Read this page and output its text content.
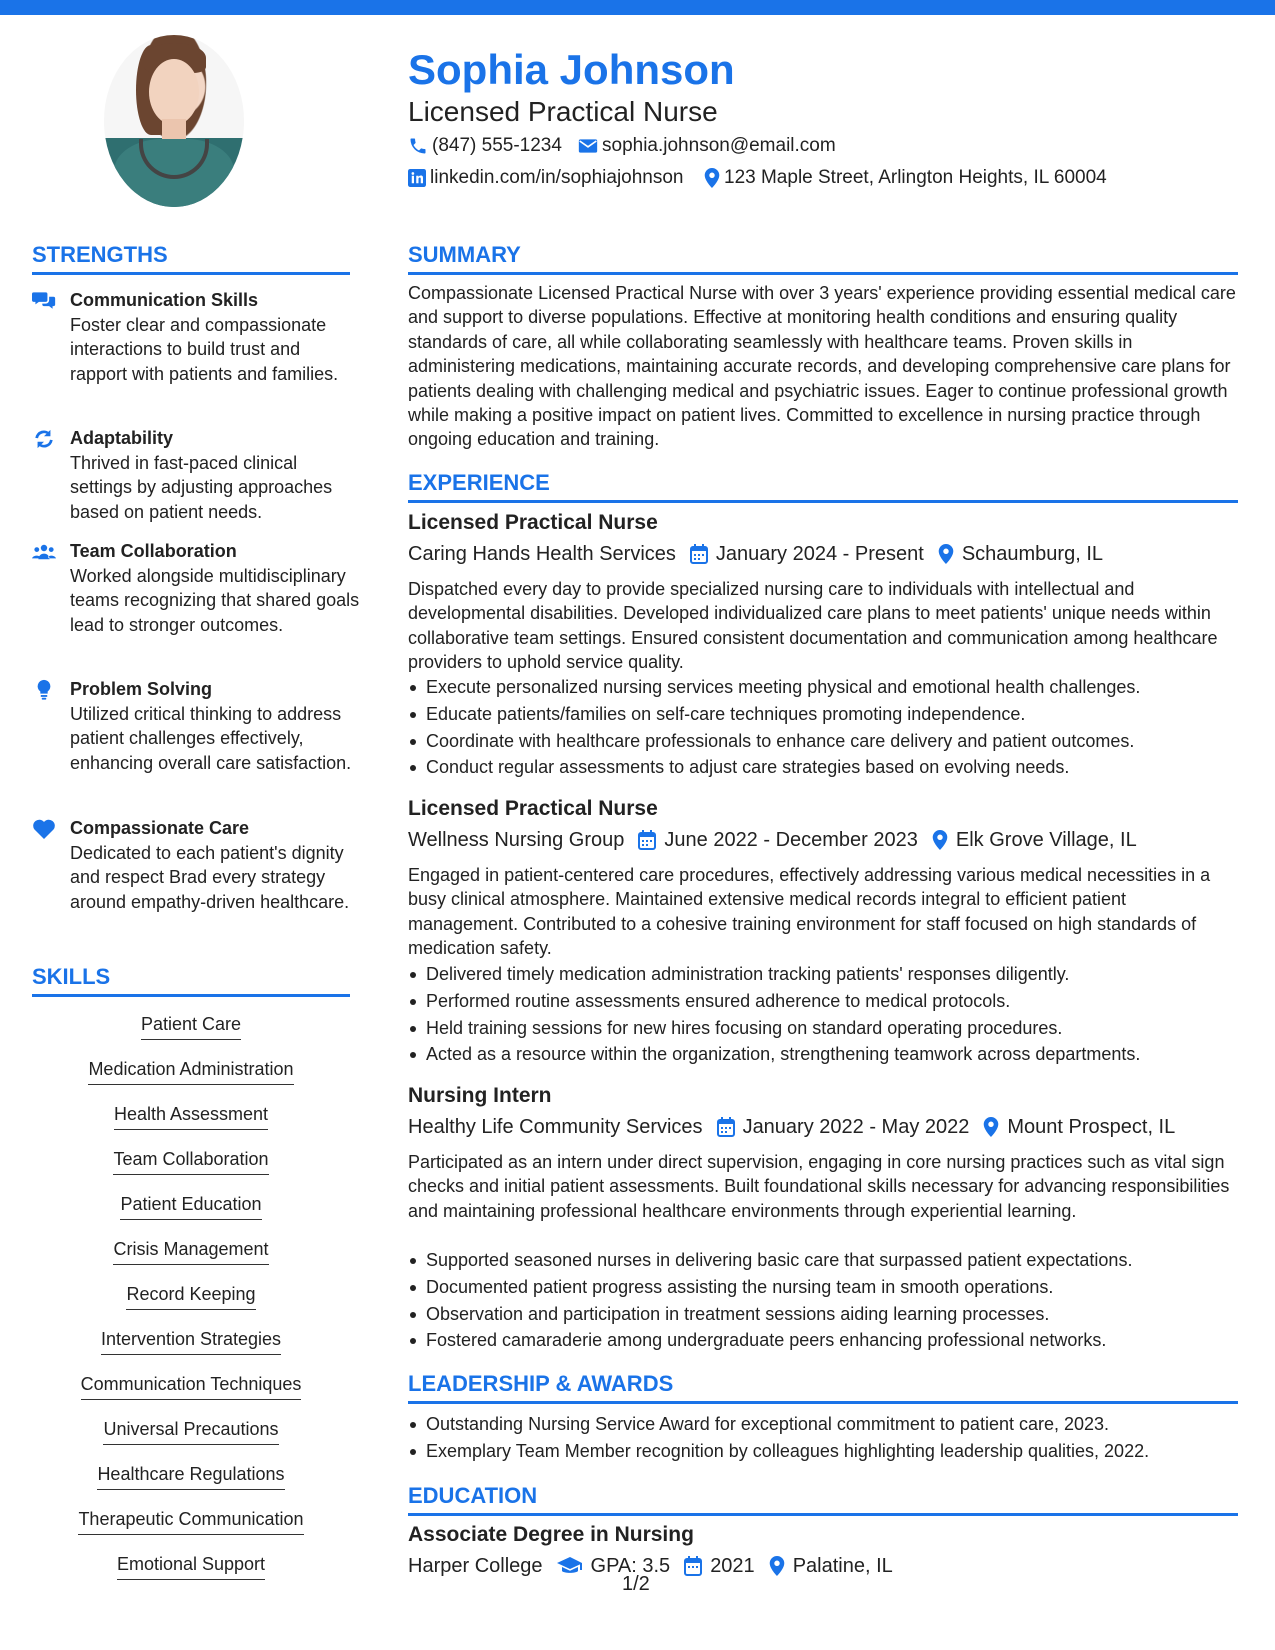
Sophia Johnson
Licensed Practical Nurse
(847) 555-1234 sophia.johnson@email.com
linkedin.com/in/sophiajohnson 123 Maple Street, Arlington Heights, IL 60004
STRENGTHS
Communication Skills
Foster clear and compassionate interactions to build trust and rapport with patients and families.
Adaptability
Thrived in fast-paced clinical settings by adjusting approaches based on patient needs.
Team Collaboration
Worked alongside multidisciplinary teams recognizing that shared goals lead to stronger outcomes.
Problem Solving
Utilized critical thinking to address patient challenges effectively, enhancing overall care satisfaction.
Compassionate Care
Dedicated to each patient's dignity and respect Brad every strategy around empathy-driven healthcare.
SKILLS
Patient Care
Medication Administration
Health Assessment
Team Collaboration
Patient Education
Crisis Management
Record Keeping
Intervention Strategies
Communication Techniques
Universal Precautions
Healthcare Regulations
Therapeutic Communication
Emotional Support
SUMMARY
Compassionate Licensed Practical Nurse with over 3 years' experience providing essential medical care and support to diverse populations. Effective at monitoring health conditions and ensuring quality standards of care, all while collaborating seamlessly with healthcare teams. Proven skills in administering medications, maintaining accurate records, and developing comprehensive care plans for patients dealing with challenging medical and psychiatric issues. Eager to continue professional growth while making a positive impact on patient lives. Committed to excellence in nursing practice through ongoing education and training.
EXPERIENCE
Licensed Practical Nurse
Caring Hands Health Services January 2024 - Present Schaumburg, IL
Dispatched every day to provide specialized nursing care to individuals with intellectual and developmental disabilities. Developed individualized care plans to meet patients' unique needs within collaborative team settings. Ensured consistent documentation and communication among healthcare providers to uphold service quality.
Execute personalized nursing services meeting physical and emotional health challenges.
Educate patients/families on self-care techniques promoting independence.
Coordinate with healthcare professionals to enhance care delivery and patient outcomes.
Conduct regular assessments to adjust care strategies based on evolving needs.
Licensed Practical Nurse
Wellness Nursing Group June 2022 - December 2023 Elk Grove Village, IL
Engaged in patient-centered care procedures, effectively addressing various medical necessities in a busy clinical atmosphere. Maintained extensive medical records integral to efficient patient management. Contributed to a cohesive training environment for staff focused on high standards of medication safety.
Delivered timely medication administration tracking patients' responses diligently.
Performed routine assessments ensured adherence to medical protocols.
Held training sessions for new hires focusing on standard operating procedures.
Acted as a resource within the organization, strengthening teamwork across departments.
Nursing Intern
Healthy Life Community Services January 2022 - May 2022 Mount Prospect, IL
Participated as an intern under direct supervision, engaging in core nursing practices such as vital sign checks and initial patient assessments. Built foundational skills necessary for advancing responsibilities and maintaining professional healthcare environments through experiential learning.
Supported seasoned nurses in delivering basic care that surpassed patient expectations.
Documented patient progress assisting the nursing team in smooth operations.
Observation and participation in treatment sessions aiding learning processes.
Fostered camaraderie among undergraduate peers enhancing professional networks.
LEADERSHIP & AWARDS
Outstanding Nursing Service Award for exceptional commitment to patient care, 2023.
Exemplary Team Member recognition by colleagues highlighting leadership qualities, 2022.
EDUCATION
Associate Degree in Nursing
Harper College GPA: 3.5 2021 Palatine, IL
1/2
